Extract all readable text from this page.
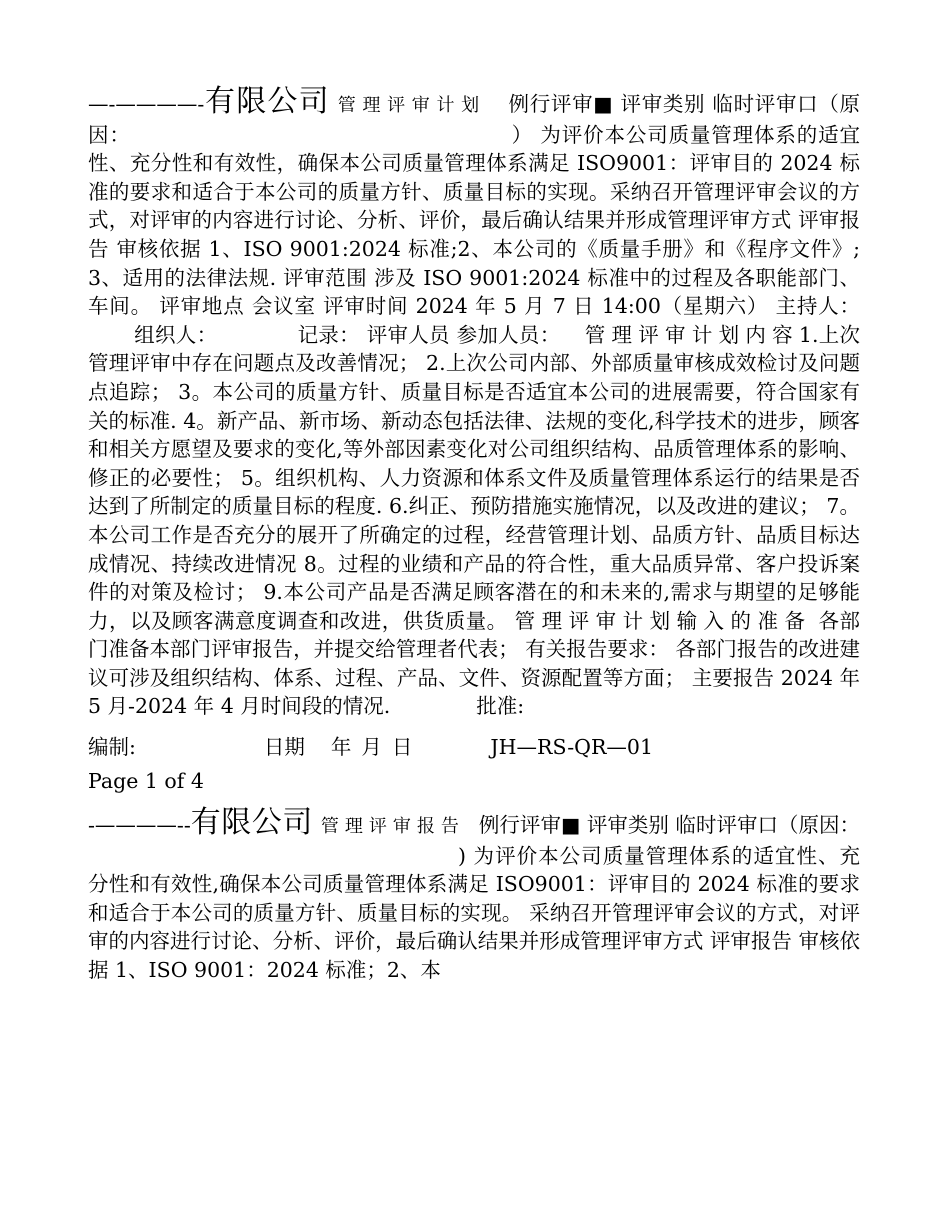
—-————-有限公司 管理评审计划 例行评审■ 评审类别 临时评审口（原因：	） 为评价本公司质量管理体系的适宜性、充分性和有效性，确保本公司质量管理体系满足 ISO9001：评审目的 2024 标准的要求和适合于本公司的质量方针、质量目标的实现。采纳召开管理评审会议的方式，对评审的内容进行讨论、分析、评价，最后确认结果并形成管理评审方式 评审报告 审核依据 1、ISO 9001:2024 标准;2、本公司的《质量手册》和《程序文件》;3、适用的法律法规. 评审范围 涉及 ISO 9001:2024 标准中的过程及各职能部门、车间。 评审地点 会议室 评审时间 2024 年 5 月 7 日 14:00（星期六） 主持人：组织人：	记录： 评审人员 参加人员： 管理评审计划内容1.上次管理评审中存在问题点及改善情况； 2.上次公司内部、外部质量审核成效检讨及问题点追踪； 3。本公司的质量方针、质量目标是否适宜本公司的进展需要，符合国家有关的标准. 4。新产品、新市场、新动态包括法律、法规的变化,科学技术的进步，顾客和相关方愿望及要求的变化,等外部因素变化对公司组织结构、品质管理体系的影响、修正的必要性； 5。组织机构、人力资源和体系文件及质量管理体系运行的结果是否达到了所制定的质量目标的程度. 6.纠正、预防措施实施情况，以及改进的建议； 7。本公司工作是否充分的展开了所确定的过程，经营管理计划、品质方针、品质目标达成情况、持续改进情况 8。过程的业绩和产品的符合性，重大品质异常、客户投诉案件的对策及检讨； 9.本公司产品是否满足顾客潜在的和未来的,需求与期望的足够能力，以及顾客满意度调查和改进，供货质量。 管理评审计划输入的准备 各部门准备本部门评审报告，并提交给管理者代表； 有关报告要求： 各部门报告的改进建议可涉及组织结构、体系、过程、产品、文件、资源配置等方面； 主要报告 2024 年 5 月-2024 年 4 月时间段的情况.	批准:

编制:	日期 年 月 日	JH—RS-QR—01
Page 1 of 4

-————--有限公司 管理评审报告 例行评审■ 评审类别 临时评审口（原因：) 为评价本公司质量管理体系的适宜性、充分性和有效性,确保本公司质量管理体系满足 ISO9001：评审目的 2024 标准的要求和适合于本公司的质量方针、质量目标的实现。 采纳召开管理评审会议的方式，对评审的内容进行讨论、分析、评价，最后确认结果并形成管理评审方式 评审报告 审核依据 1、ISO 9001：2024 标准；2、本
